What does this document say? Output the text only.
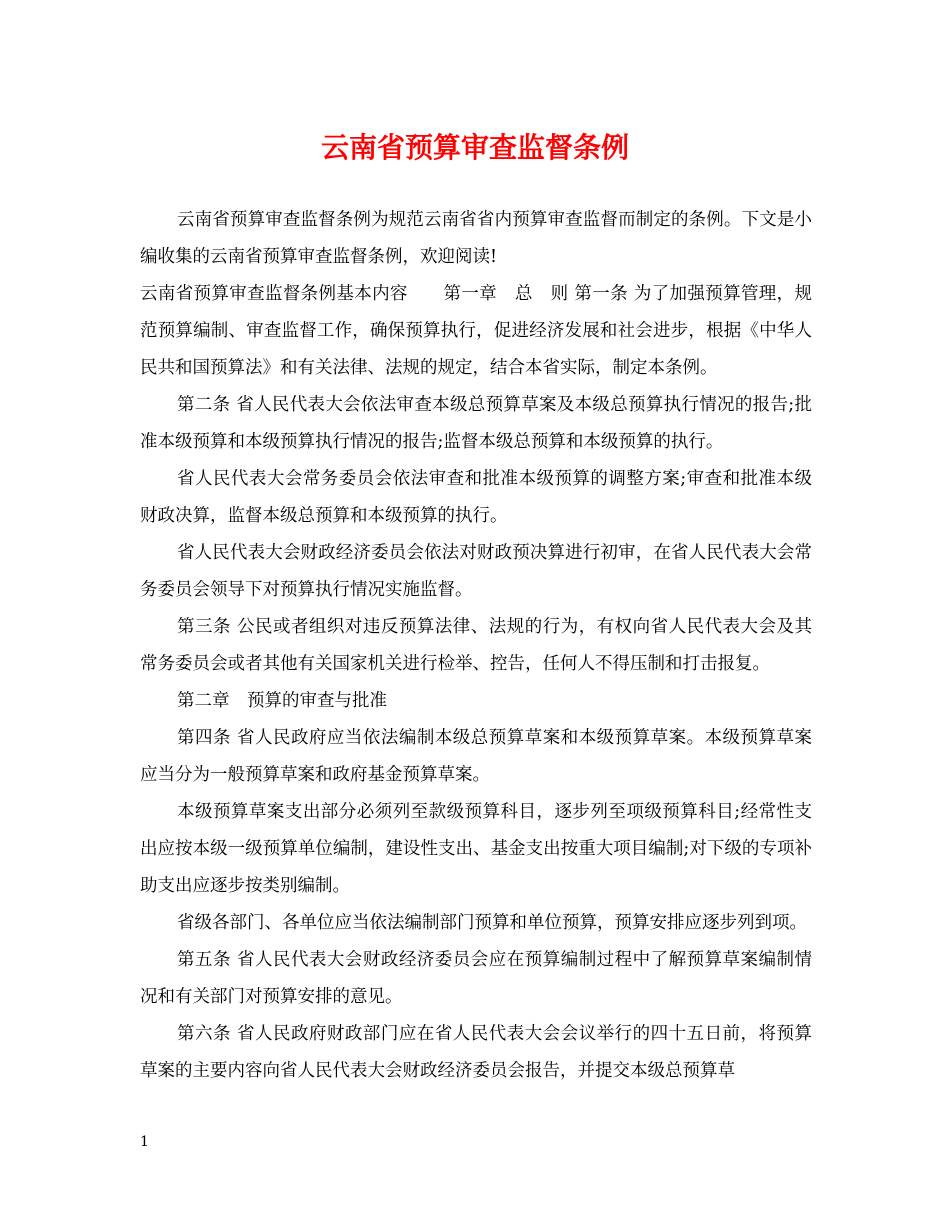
云南省预算审查监督条例

云南省预算审查监督条例为规范云南省省内预算审查监督而制定的条例。下文是小编收集的云南省预算审查监督条例，欢迎阅读!

云南省预算审查监督条例基本内容　　第一章　总　则 第一条 为了加强预算管理，规范预算编制、审查监督工作，确保预算执行，促进经济发展和社会进步，根据《中华人民共和国预算法》和有关法律、法规的规定，结合本省实际，制定本条例。

第二条 省人民代表大会依法审查本级总预算草案及本级总预算执行情况的报告;批准本级预算和本级预算执行情况的报告;监督本级总预算和本级预算的执行。

省人民代表大会常务委员会依法审查和批准本级预算的调整方案;审查和批准本级财政决算，监督本级总预算和本级预算的执行。

省人民代表大会财政经济委员会依法对财政预决算进行初审，在省人民代表大会常务委员会领导下对预算执行情况实施监督。

第三条 公民或者组织对违反预算法律、法规的行为，有权向省人民代表大会及其常务委员会或者其他有关国家机关进行检举、控告，任何人不得压制和打击报复。

第二章　预算的审查与批准

第四条 省人民政府应当依法编制本级总预算草案和本级预算草案。本级预算草案应当分为一般预算草案和政府基金预算草案。

本级预算草案支出部分必须列至款级预算科目，逐步列至项级预算科目;经常性支出应按本级一级预算单位编制，建设性支出、基金支出按重大项目编制;对下级的专项补助支出应逐步按类别编制。

省级各部门、各单位应当依法编制部门预算和单位预算，预算安排应逐步列到项。

第五条 省人民代表大会财政经济委员会应在预算编制过程中了解预算草案编制情况和有关部门对预算安排的意见。

第六条 省人民政府财政部门应在省人民代表大会会议举行的四十五日前，将预算草案的主要内容向省人民代表大会财政经济委员会报告，并提交本级总预算草

1
